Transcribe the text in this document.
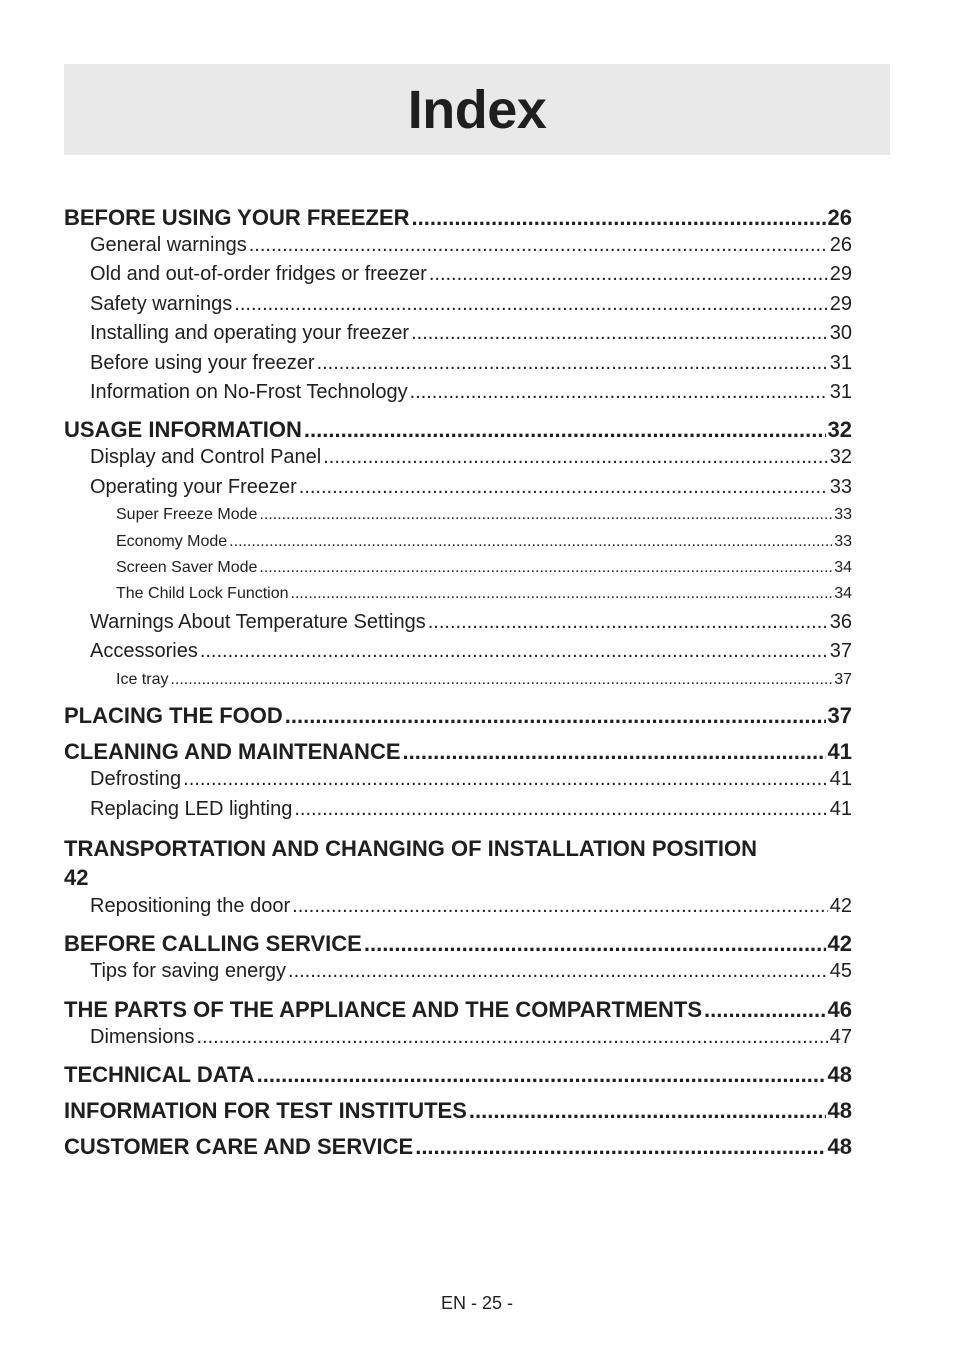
Index
BEFORE USING YOUR FREEZER .....	26
General warnings .....	26
Old and out-of-order fridges or freezer .....	29
Safety warnings .....	29
Installing and operating your freezer .....	30
Before using your freezer .....	31
Information on No-Frost Technology .....	31
USAGE INFORMATION .....	32
Display and Control Panel .....	32
Operating your Freezer .....	33
Super Freeze Mode .....	33
Economy Mode .....	33
Screen Saver Mode .....	34
The Child Lock Function .....	34
Warnings About Temperature Settings .....	36
Accessories .....	37
Ice tray .....	37
PLACING THE FOOD .....	37
CLEANING AND MAINTENANCE .....	41
Defrosting .....	41
Replacing LED lighting .....	41
TRANSPORTATION AND CHANGING OF INSTALLATION POSITION
42
Repositioning the door .....	42
BEFORE CALLING SERVICE .....	42
Tips for saving energy .....	45
THE PARTS OF THE APPLIANCE AND THE COMPARTMENTS .....	46
Dimensions .....	47
TECHNICAL DATA .....	48
INFORMATION FOR TEST INSTITUTES .....	48
CUSTOMER CARE AND SERVICE .....	48
EN - 25 -
